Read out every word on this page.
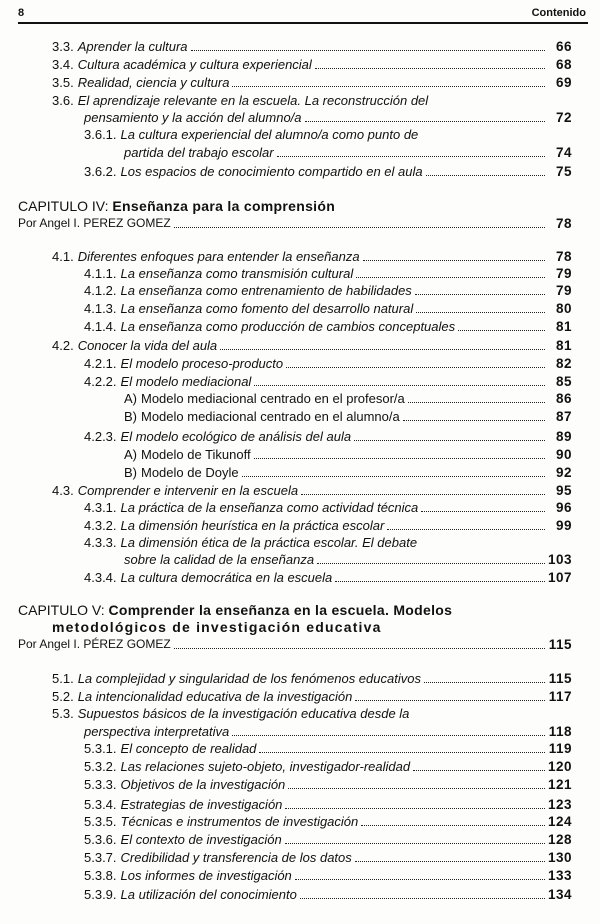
8	Contenido
3.3. Aprender la cultura	66
3.4. Cultura académica y cultura experiencial	68
3.5. Realidad, ciencia y cultura	69
3.6. El aprendizaje relevante en la escuela. La reconstrucción del
pensamiento y la acción del alumno/a	72
3.6.1. La cultura experiencial del alumno/a como punto de
partida del trabajo escolar	74
3.6.2. Los espacios de conocimiento compartido en el aula	75
CAPITULO IV: Enseñanza para la comprensión
Por Angel I. PEREZ GOMEZ	78
4.1. Diferentes enfoques para entender la enseñanza	78
4.1.1. La enseñanza como transmisión cultural	79
4.1.2. La enseñanza como entrenamiento de habilidades	79
4.1.3. La enseñanza como fomento del desarrollo natural	80
4.1.4. La enseñanza como producción de cambios conceptuales	81
4.2. Conocer la vida del aula	81
4.2.1. El modelo proceso-producto	82
4.2.2. El modelo mediacional	85
A) Modelo mediacional centrado en el profesor/a	86
B) Modelo mediacional centrado en el alumno/a	87
4.2.3. El modelo ecológico de análisis del aula	89
A) Modelo de Tikunoff	90
B) Modelo de Doyle	92
4.3. Comprender e intervenir en la escuela	95
4.3.1. La práctica de la enseñanza como actividad técnica	96
4.3.2. La dimensión heurística en la práctica escolar	99
4.3.3. La dimensión ética de la práctica escolar. El debate
sobre la calidad de la enseñanza	103
4.3.4. La cultura democrática en la escuela	107
CAPITULO V: Comprender la enseñanza en la escuela. Modelos
metodológicos de investigación educativa
Por Angel I. PÉREZ GOMEZ	115
5.1. La complejidad y singularidad de los fenómenos educativos	115
5.2. La intencionalidad educativa de la investigación	117
5.3. Supuestos básicos de la investigación educativa desde la
perspectiva interpretativa	118
5.3.1. El concepto de realidad	119
5.3.2. Las relaciones sujeto-objeto, investigador-realidad	120
5.3.3. Objetivos de la investigación	121
5.3.4. Estrategias de investigación	123
5.3.5. Técnicas e instrumentos de investigación	124
5.3.6. El contexto de investigación	128
5.3.7. Credibilidad y transferencia de los datos	130
5.3.8. Los informes de investigación	133
5.3.9. La utilización del conocimiento	134
